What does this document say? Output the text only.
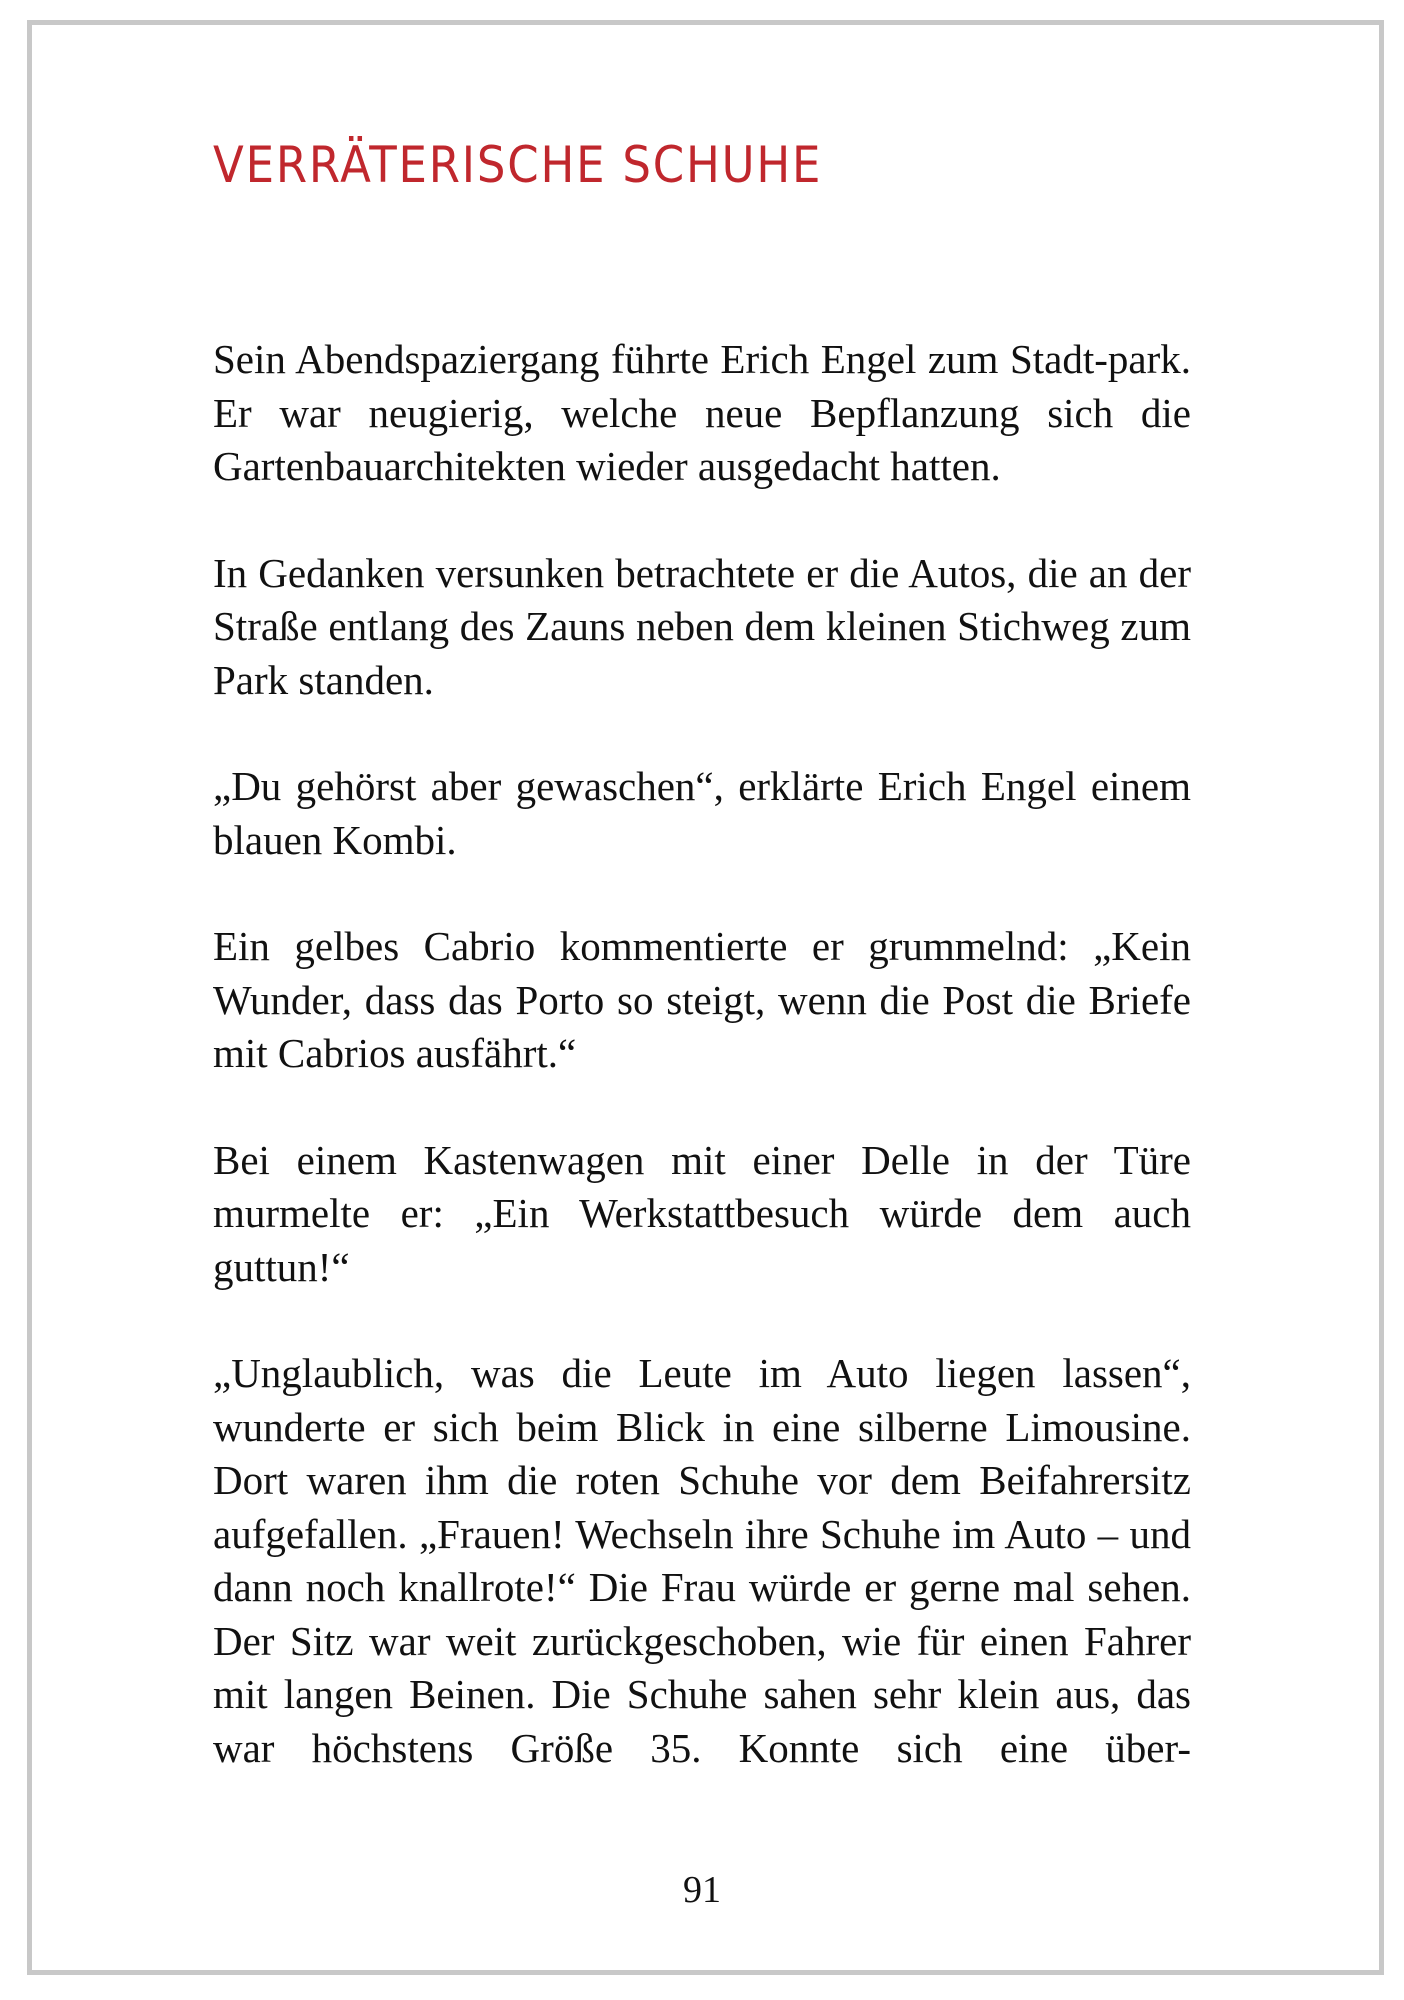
VERRÄTERISCHE SCHUHE

Sein Abendspaziergang führte Erich Engel zum Stadt-park. Er war neugierig, welche neue Bepflanzung sich die Gartenbauarchitekten wieder ausgedacht hatten.

In Gedanken versunken betrachtete er die Autos, die an der Straße entlang des Zauns neben dem kleinen Stichweg zum Park standen.

„Du gehörst aber gewaschen“, erklärte Erich Engel einem blauen Kombi.

Ein gelbes Cabrio kommentierte er grummelnd: „Kein Wunder, dass das Porto so steigt, wenn die Post die Briefe mit Cabrios ausfährt.“

Bei einem Kastenwagen mit einer Delle in der Türe murmelte er: „Ein Werkstattbesuch würde dem auch guttun!“

„Unglaublich, was die Leute im Auto liegen lassen“, wunderte er sich beim Blick in eine silberne Limousine. Dort waren ihm die roten Schuhe vor dem Beifahrersitz aufgefallen. „Frauen! Wechseln ihre Schuhe im Auto – und dann noch knallrote!“ Die Frau würde er gerne mal sehen. Der Sitz war weit zurückgeschoben, wie für einen Fahrer mit langen Beinen. Die Schuhe sahen sehr klein aus, das war höchstens Größe 35. Konnte sich eine über-

91
